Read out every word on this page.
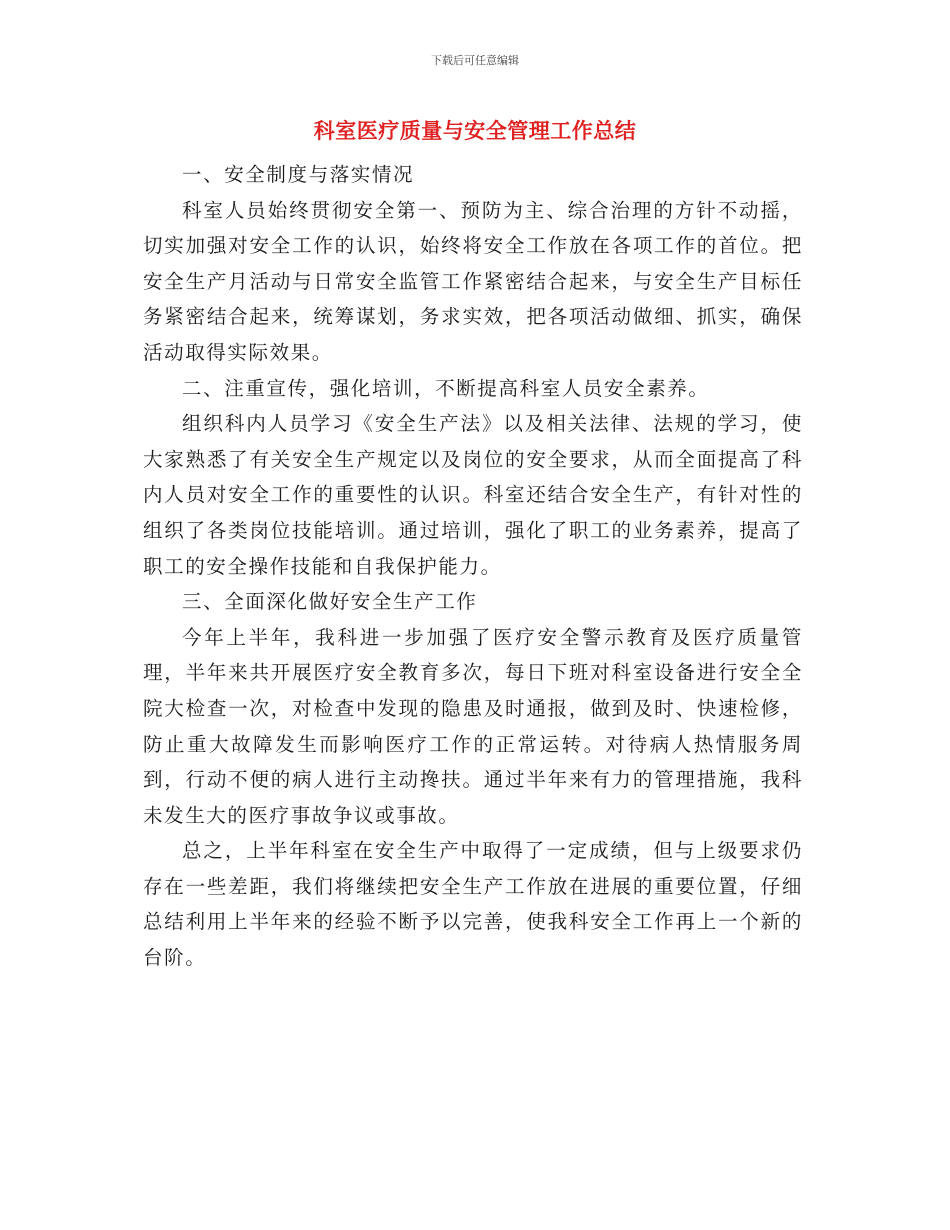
下载后可任意编辑
科室医疗质量与安全管理工作总结

一、安全制度与落实情况

科室人员始终贯彻安全第一、预防为主、综合治理的方针不动摇，切实加强对安全工作的认识，始终将安全工作放在各项工作的首位。把安全生产月活动与日常安全监管工作紧密结合起来，与安全生产目标任务紧密结合起来，统筹谋划，务求实效，把各项活动做细、抓实，确保活动取得实际效果。

二、注重宣传，强化培训，不断提高科室人员安全素养。

组织科内人员学习《安全生产法》以及相关法律、法规的学习，使大家熟悉了有关安全生产规定以及岗位的安全要求，从而全面提高了科内人员对安全工作的重要性的认识。科室还结合安全生产，有针对性的组织了各类岗位技能培训。通过培训，强化了职工的业务素养，提高了职工的安全操作技能和自我保护能力。

三、全面深化做好安全生产工作

今年上半年，我科进一步加强了医疗安全警示教育及医疗质量管理，半年来共开展医疗安全教育多次，每日下班对科室设备进行安全全院大检查一次，对检查中发现的隐患及时通报，做到及时、快速检修，防止重大故障发生而影响医疗工作的正常运转。对待病人热情服务周到，行动不便的病人进行主动搀扶。通过半年来有力的管理措施，我科未发生大的医疗事故争议或事故。

总之，上半年科室在安全生产中取得了一定成绩，但与上级要求仍存在一些差距，我们将继续把安全生产工作放在进展的重要位置，仔细总结利用上半年来的经验不断予以完善，使我科安全工作再上一个新的台阶。
